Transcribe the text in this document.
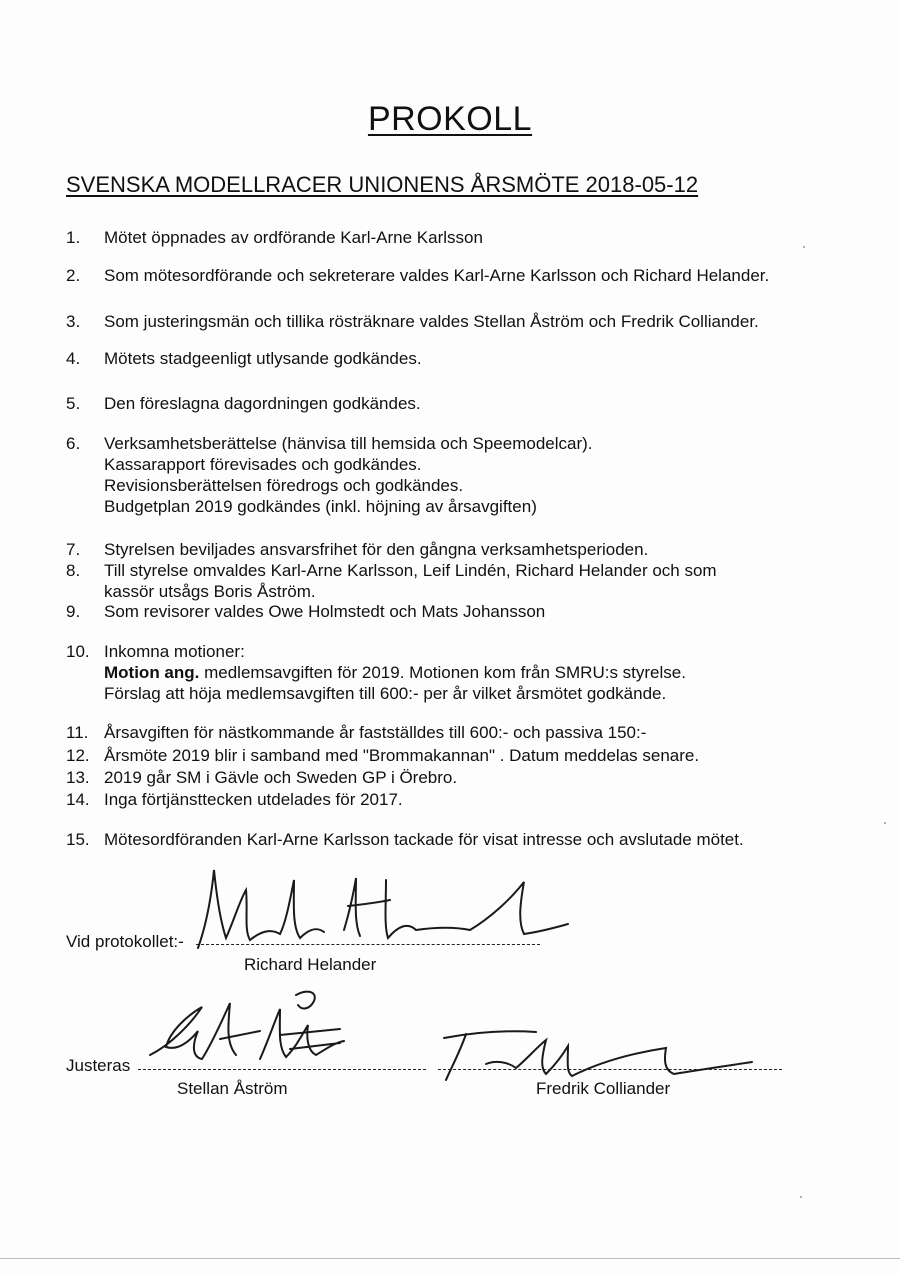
PROKOLL
SVENSKA MODELLRACER UNIONENS ÅRSMÖTE 2018-05-12
1.	Mötet öppnades av ordförande Karl-Arne Karlsson
2.	Som mötesordförande och sekreterare valdes Karl-Arne Karlsson och Richard Helander.
3.	Som justeringsmän och tillika rösträknare valdes Stellan Åström och Fredrik Colliander.
4.	Mötets stadgeenligt utlysande godkändes.
5.	Den föreslagna dagordningen godkändes.
6.	Verksamhetsberättelse (hänvisa till hemsida och Speemodelcar).
Kassarapport förevisades och godkändes.
Revisionsberättelsen föredrogs och godkändes.
Budgetplan 2019 godkändes (inkl. höjning av årsavgiften)
7.	Styrelsen beviljades ansvarsfrihet för den gångna verksamhetsperioden.
8.	Till styrelse omvaldes Karl-Arne Karlsson, Leif Lindén, Richard Helander och som
kassör utsågs Boris Åström.
9.	Som revisorer valdes Owe Holmstedt och Mats Johansson
10. Inkomna motioner:
Motion ang. medlemsavgiften för 2019. Motionen kom från SMRU:s styrelse.
Förslag att höja medlemsavgiften till 600:- per år vilket årsmötet godkände.
11. Årsavgiften för nästkommande år fastställdes till 600:- och passiva 150:-
12. Årsmöte 2019 blir i samband med "Brommakannan" . Datum meddelas senare.
13. 2019 går SM i Gävle och Sweden GP i Örebro.
14. Inga förtjänsttecken utdelades för 2017.
15. Mötesordföranden Karl-Arne Karlsson tackade för visat intresse och avslutade mötet.
Vid protokollet:-
Richard Helander
Justeras
Stellan Åström	Fredrik Colliander
